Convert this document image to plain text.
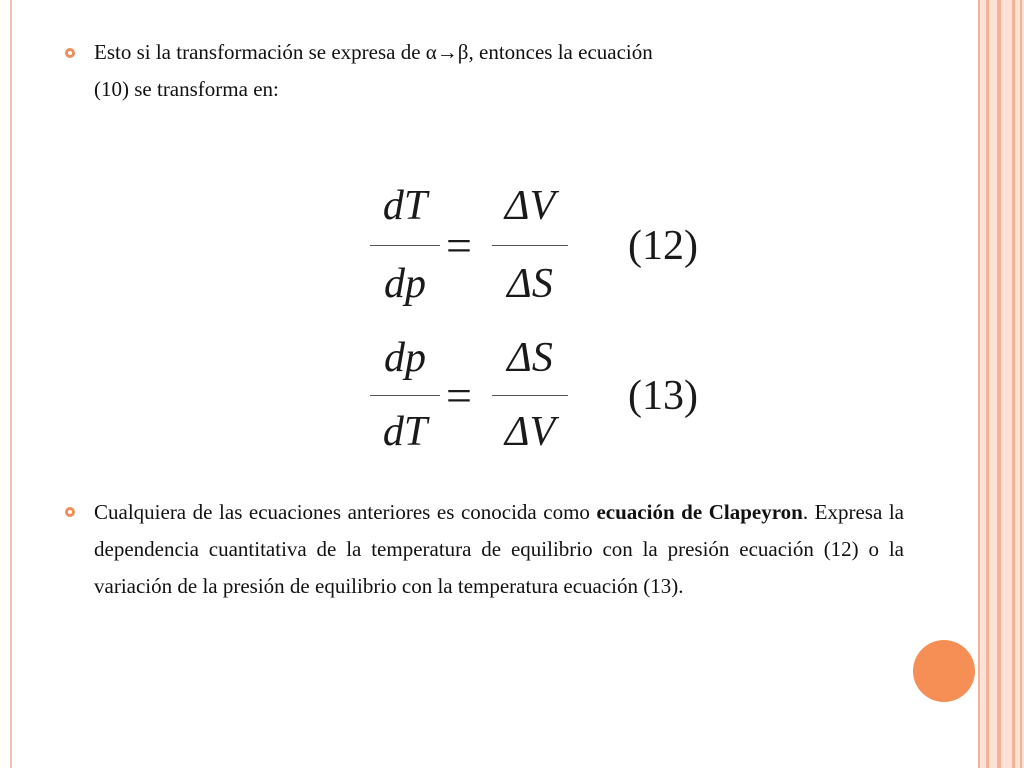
Esto si la transformación se expresa de α→β, entonces la ecuación
(10) se transforma en:
dT
dp
=
ΔV
ΔS
(12)
dp
dT
=
ΔS
ΔV
(13)
Cualquiera de las ecuaciones anteriores es conocida como ecuación de Clapeyron. Expresa la dependencia cuantitativa de la temperatura de equilibrio con la presión ecuación (12) o la variación de la presión de equilibrio con la temperatura ecuación (13).
